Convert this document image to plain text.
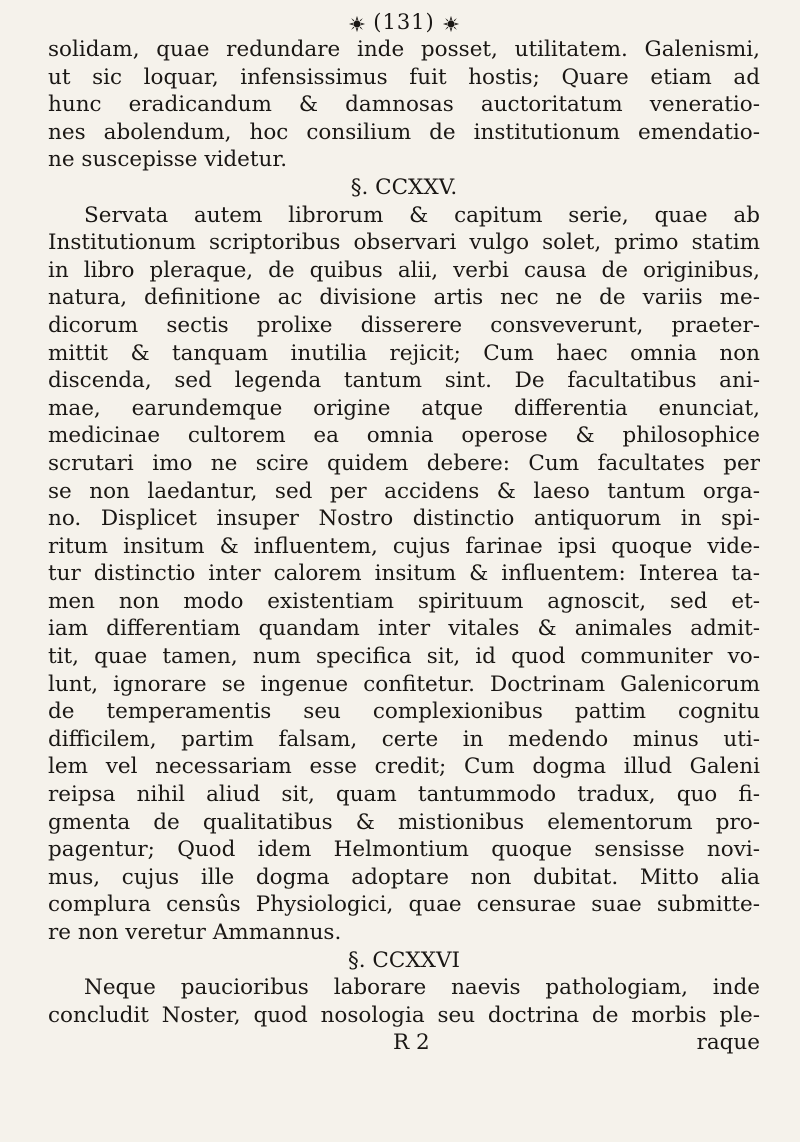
(131)
solidam, quae redundare inde posset, utilitatem. Galenismi,
ut sic loquar, infensissimus fuit hostis; Quare etiam ad
hunc eradicandum & damnosas auctoritatum veneratio-
nes abolendum, hoc consilium de institutionum emendatio-
ne suscepisse videtur.
§. CCXXV.
Servata autem librorum & capitum serie, quae ab
Institutionum scriptoribus observari vulgo solet, primo statim
in libro pleraque, de quibus alii, verbi causa de originibus,
natura, definitione ac divisione artis nec ne de variis me-
dicorum sectis prolixe disserere consveverunt, praeter-
mittit & tanquam inutilia rejicit; Cum haec omnia non
discenda, sed legenda tantum sint. De facultatibus ani-
mae, earundemque origine atque differentia enunciat,
medicinae cultorem ea omnia operose & philosophice
scrutari imo ne scire quidem debere: Cum facultates per
se non laedantur, sed per accidens & laeso tantum orga-
no. Displicet insuper Nostro distinctio antiquorum in spi-
ritum insitum & influentem, cujus farinae ipsi quoque vide-
tur distinctio inter calorem insitum & influentem: Interea ta-
men non modo existentiam spirituum agnoscit, sed et-
iam differentiam quandam inter vitales & animales admit-
tit, quae tamen, num specifica sit, id quod communiter vo-
lunt, ignorare se ingenue confitetur. Doctrinam Galenicorum
de temperamentis seu complexionibus pattim cognitu
difficilem, partim falsam, certe in medendo minus uti-
lem vel necessariam esse credit; Cum dogma illud Galeni
reipsa nihil aliud sit, quam tantummodo tradux, quo fi-
gmenta de qualitatibus & mistionibus elementorum pro-
pagentur; Quod idem Helmontium quoque sensisse novi-
mus, cujus ille dogma adoptare non dubitat. Mitto alia
complura censûs Physiologici, quae censurae suae submitte-
re non veretur Ammannus.
§. CCXXVI
Neque paucioribus laborare naevis pathologiam, inde
concludit Noster, quod nosologia seu doctrina de morbis ple-
R 2	raque
